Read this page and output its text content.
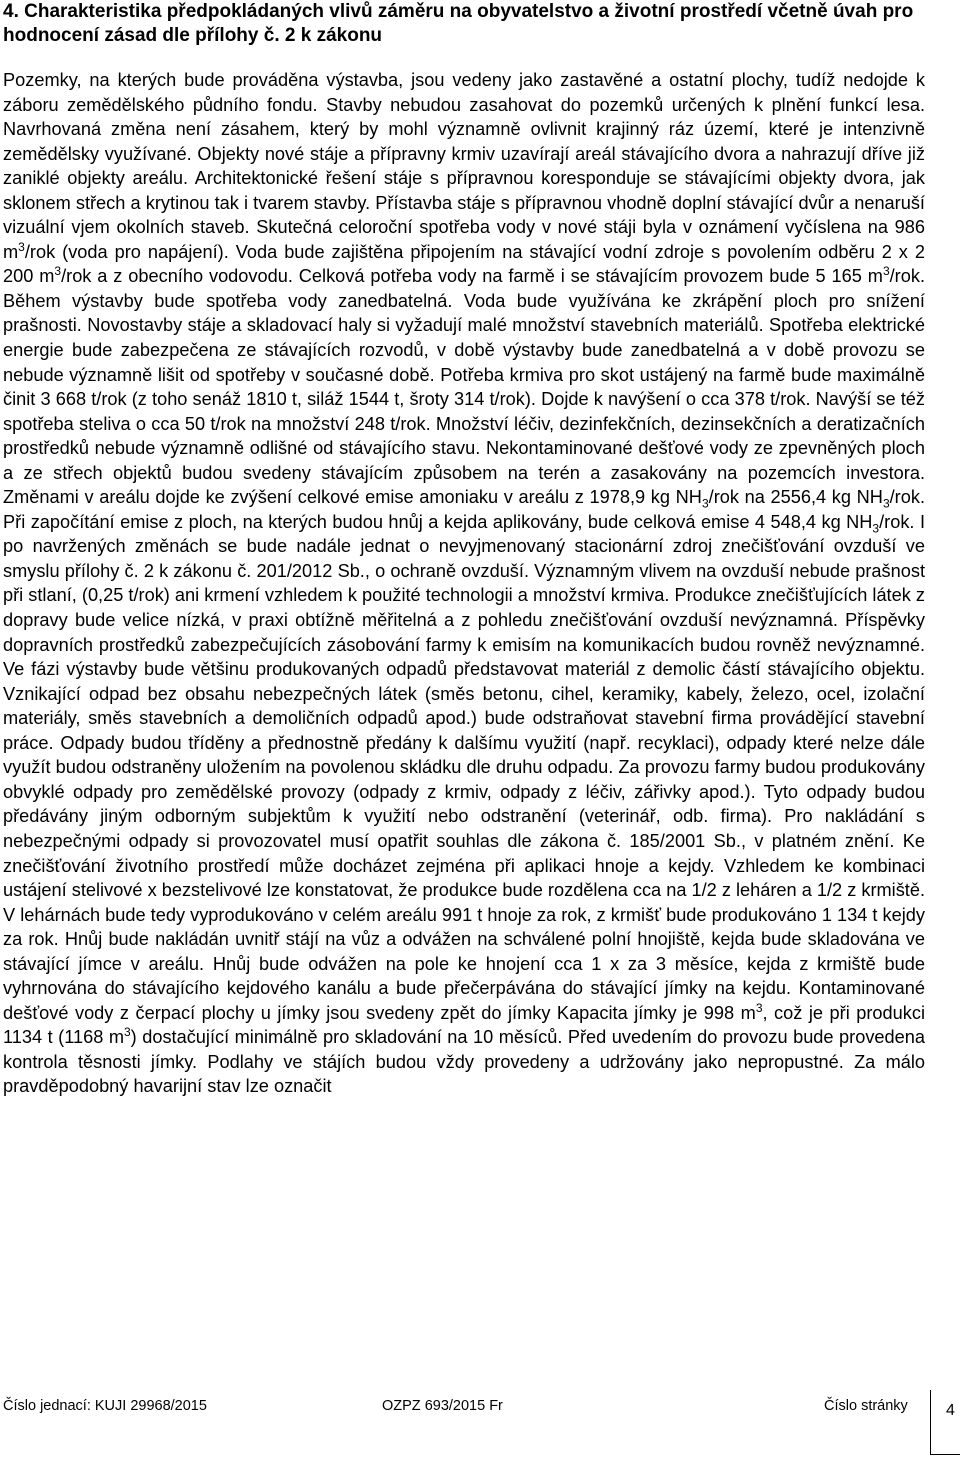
4. Charakteristika předpokládaných vlivů záměru na obyvatelstvo a životní prostředí včetně úvah pro hodnocení zásad dle přílohy č. 2 k zákonu

Pozemky, na kterých bude prováděna výstavba, jsou vedeny jako zastavěné a ostatní plochy, tudíž nedojde k záboru zemědělského půdního fondu. Stavby nebudou zasahovat do pozemků určených k plnění funkcí lesa. Navrhovaná změna není zásahem, který by mohl významně ovlivnit krajinný ráz území, které je intenzivně zemědělsky využívané. Objekty nové stáje a přípravny krmiv uzavírají areál stávajícího dvora a nahrazují dříve již zaniklé objekty areálu. Architektonické řešení stáje s přípravnou koresponduje se stávajícími objekty dvora, jak sklonem střech a krytinou tak i tvarem stavby. Přístavba stáje s přípravnou vhodně doplní stávající dvůr a nenaruší vizuální vjem okolních staveb. Skutečná celoroční spotřeba vody v nové stáji byla v oznámení vyčíslena na 986 $m^3$/rok (voda pro napájení). Voda bude zajištěna připojením na stávající vodní zdroje s povolením odběru 2 x 2 200 $m^3$/rok a z obecního vodovodu. Celková potřeba vody na farmě i se stávajícím provozem bude 5 165 $m^3$/rok. Během výstavby bude spotřeba vody zanedbatelná. Voda bude využívána ke zkrápění ploch pro snížení prašnosti. Novostavby stáje a skladovací haly si vyžadují malé množství stavebních materiálů. Spotřeba elektrické energie bude zabezpečena ze stávajících rozvodů, v době výstavby bude zanedbatelná a v době provozu se nebude významně lišit od spotřeby v současné době. Potřeba krmiva pro skot ustájený na farmě bude maximálně činit 3 668 t/rok (z toho senáž 1810 t, siláž 1544 t, šroty 314 t/rok). Dojde k navýšení o cca 378 t/rok. Navýší se též spotřeba steliva o cca 50 t/rok na množství 248 t/rok. Množství léčiv, dezinfekčních, dezinsekčních a deratizačních prostředků nebude významně odlišné od stávajícího stavu. Nekontaminované dešťové vody ze zpevněných ploch a ze střech objektů budou svedeny stávajícím způsobem na terén a zasakovány na pozemcích investora. Změnami v areálu dojde ke zvýšení celkové emise amoniaku v areálu z 1978,9 kg $NH_3$/rok na 2556,4 kg $NH_3$/rok. Při započítání emise z ploch, na kterých budou hnůj a kejda aplikovány, bude celková emise 4 548,4 kg $NH_3$/rok. I po navržených změnách se bude nadále jednat o nevyjmenovaný stacionární zdroj znečišťování ovzduší ve smyslu přílohy č. 2 k zákonu č. 201/2012 Sb., o ochraně ovzduší. Významným vlivem na ovzduší nebude prašnost při stlaní, (0,25 t/rok) ani krmení vzhledem k použité technologii a množství krmiva. Produkce znečišťujících látek z dopravy bude velice nízká, v praxi obtížně měřitelná a z pohledu znečišťování ovzduší nevýznamná. Příspěvky dopravních prostředků zabezpečujících zásobování farmy k emisím na komunikacích budou rovněž nevýznamné. Ve fázi výstavby bude většinu produkovaných odpadů představovat materiál z demolic částí stávajícího objektu. Vznikající odpad bez obsahu nebezpečných látek (směs betonu, cihel, keramiky, kabely, železo, ocel, izolační materiály, směs stavebních a demoličních odpadů apod.) bude odstraňovat stavební firma provádějící stavební práce. Odpady budou tříděny a přednostně předány k dalšímu využití (např. recyklaci), odpady které nelze dále využít budou odstraněny uložením na povolenou skládku dle druhu odpadu. Za provozu farmy budou produkovány obvyklé odpady pro zemědělské provozy (odpady z krmiv, odpady z léčiv, zářivky apod.). Tyto odpady budou předávány jiným odborným subjektům k využití nebo odstranění (veterinář, odb. firma). Pro nakládání s nebezpečnými odpady si provozovatel musí opatřit souhlas dle zákona č. 185/2001 Sb., v platném znění. Ke znečišťování životního prostředí může docházet zejména při aplikaci hnoje a kejdy. Vzhledem ke kombinaci ustájení stelivové x bezstelivové lze konstatovat, že produkce bude rozdělena cca na 1/2 z leháren a 1/2 z krmiště. V lehárnách bude tedy vyprodukováno v celém areálu 991 t hnoje za rok, z krmišť bude produkováno 1 134 t kejdy za rok. Hnůj bude nakládán uvnitř stájí na vůz a odvážen na schválené polní hnojiště, kejda bude skladována ve stávající jímce v areálu. Hnůj bude odvážen na pole ke hnojení cca 1 x za 3 měsíce, kejda z krmiště bude vyhrnována do stávajícího kejdového kanálu a bude přečerpávána do stávající jímky na kejdu. Kontaminované dešťové vody z čerpací plochy u jímky jsou svedeny zpět do jímky Kapacita jímky je 998 $m^3$, což je při produkci 1134 t (1168 $m^3$) dostačující minimálně pro skladování na 10 měsíců. Před uvedením do provozu bude provedena kontrola těsnosti jímky. Podlahy ve stájích budou vždy provedeny a udržovány jako nepropustné. Za málo pravděpodobný havarijní stav lze označit

Číslo jednací: KUJI 29968/2015	OZPZ 693/2015 Fr	Číslo stránky 4
